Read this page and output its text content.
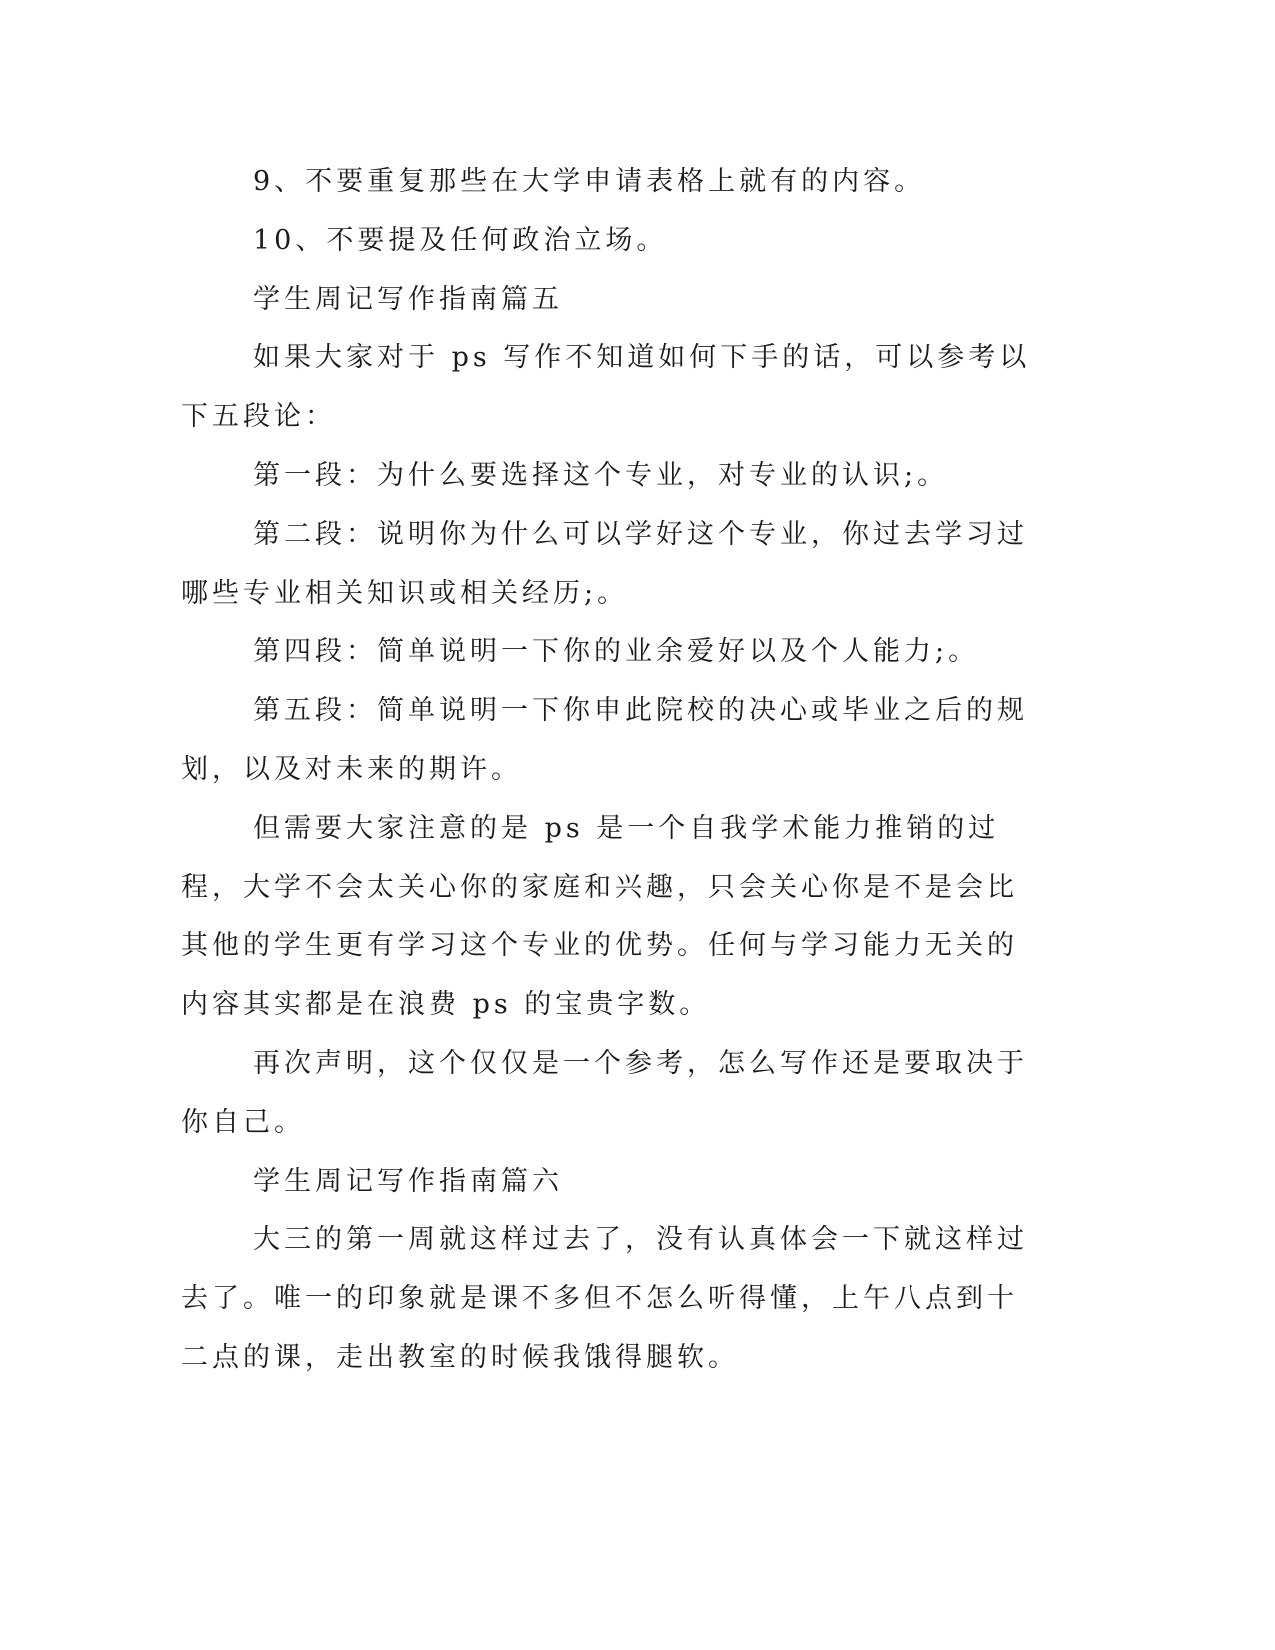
9、不要重复那些在大学申请表格上就有的内容。

10、不要提及任何政治立场。

学生周记写作指南篇五

如果大家对于 ps 写作不知道如何下手的话，可以参考以下五段论：

第一段：为什么要选择这个专业，对专业的认识;。

第二段：说明你为什么可以学好这个专业，你过去学习过哪些专业相关知识或相关经历;。

第四段：简单说明一下你的业余爱好以及个人能力;。

第五段：简单说明一下你申此院校的决心或毕业之后的规划，以及对未来的期许。

但需要大家注意的是 ps 是一个自我学术能力推销的过程，大学不会太关心你的家庭和兴趣，只会关心你是不是会比其他的学生更有学习这个专业的优势。任何与学习能力无关的内容其实都是在浪费 ps 的宝贵字数。

再次声明，这个仅仅是一个参考，怎么写作还是要取决于你自己。

学生周记写作指南篇六

大三的第一周就这样过去了，没有认真体会一下就这样过去了。唯一的印象就是课不多但不怎么听得懂，上午八点到十二点的课，走出教室的时候我饿得腿软。
